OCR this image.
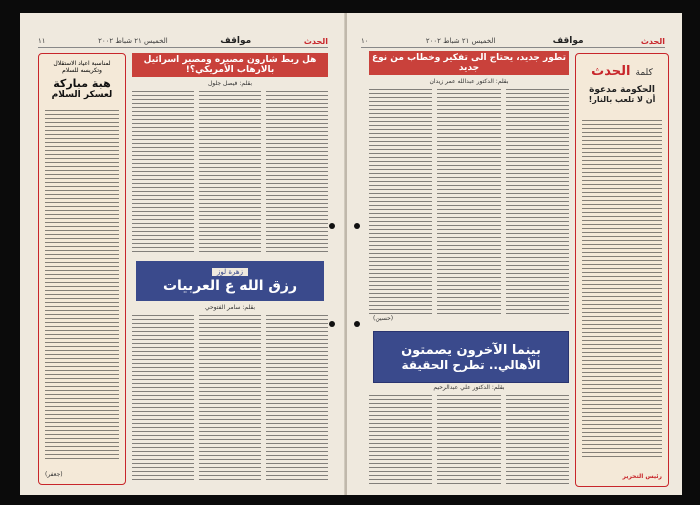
١١	الخميس ٢١ شباط ٢٠٠٢	مواقف	الحدث
لمناسبة اعياد الاستقلال وتكريسه للسلام
هبة مباركة
لعسكر السلام
(جعفر)
هل ربط شارون مصيره ومصير اسرائيل بالارهاب الأمريكي؟!
بقلم: فيصل جلول
زهرة لوز
رزق الله ع العربيات
بقلم: سامر الفتوحي
١٠	الخميس ٢١ شباط ٢٠٠٢	مواقف	الحدث
تطور جديد، يحتاج الى تفكير وخطاب من نوع جديد
بقلم: الدكتور عبدالله عمر زيدان
(حسين)
بينما الآخرون يصمتون
الأهالي.. تطرح الحقيقة
بقلم: الدكتور علي عبدالرحيم
كلمة الحدث
الحكومة مدعوة
أن لا تلعب بالنار!
رئيس التحرير
